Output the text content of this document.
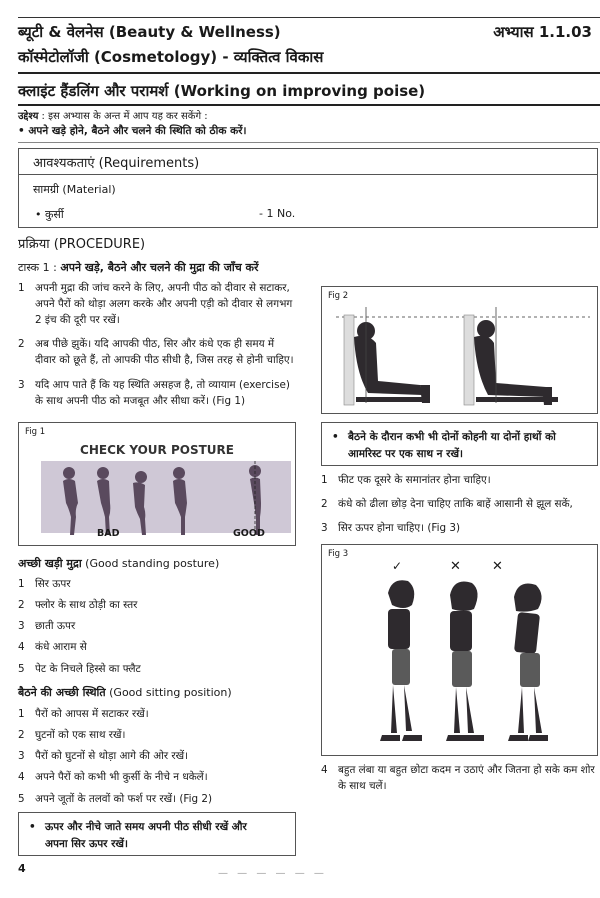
ब्यूटी & वेलनेस (Beauty & Wellness)	अभ्यास 1.1.03
कॉस्मेटोलॉजी (Cosmetology) - व्यक्तित्व विकास
क्लाइंट हैंडलिंग और परामर्श (Working on improving poise)
उद्देश्य : इस अभ्यास के अन्त में आप यह कर सकेंगे :
• अपने खड़े होने, बैठने और चलने की स्थिति को ठीक करें।
आवश्यकताएं (Requirements)
सामग्री (Material)
• कुर्सी	- 1 No.
प्रक्रिया (PROCEDURE)
टास्क 1 : अपने खड़े, बैठने और चलने की मुद्रा की जाँच करें
1 अपनी मुद्रा की जांच करने के लिए, अपनी पीठ को दीवार से सटाकर,
अपने पैरों को थोड़ा अलग करके और अपनी एड़ी को दीवार से लगभग
2 इंच की दूरी पर रखें।
2 अब पीछे झुकें। यदि आपकी पीठ, सिर और कंधे एक ही समय में
दीवार को छूते हैं, तो आपकी पीठ सीधी है, जिस तरह से होनी चाहिए।
3 यदि आप पाते हैं कि यह स्थिति असहज है, तो व्यायाम (exercise)
के साथ अपनी पीठ को मजबूत और सीधा करें। (Fig 1)
Fig 1
CHECK YOUR POSTURE
BAD	GOOD
अच्छी खड़ी मुद्रा (Good standing posture)
1 सिर ऊपर
2 फ्लोर के साथ ठोड़ी का स्तर
3 छाती ऊपर
4 कंधे आराम से
5 पेट के निचले हिस्से का फ्लैट
बैठने की अच्छी स्थिति (Good sitting position)
1 पैरों को आपस में सटाकर रखें।
2 घुटनों को एक साथ रखें।
3 पैरों को घुटनों से थोड़ा आगे की ओर रखें।
4 अपने पैरों को कभी भी कुर्सी के नीचे न धकेलें।
5 अपने जूतों के तलवों को फर्श पर रखें। (Fig 2)
• ऊपर और नीचे जाते समय अपनी पीठ सीधी रखें और
अपना सिर ऊपर रखें।
Fig 2
• बैठने के दौरान कभी भी दोनों कोहनी या दोनों हाथों को
आमरिस्ट पर एक साथ न रखें।
1 फीट एक दूसरे के समानांतर होना चाहिए।
2 कंधे को ढीला छोड़ देना चाहिए ताकि बाहें आसानी से झूल सकें,
3 सिर ऊपर होना चाहिए। (Fig 3)
Fig 3
✓	✕ ✕
4 बहुत लंबा या बहुत छोटा कदम न उठाएं और जितना हो सके कम शोर
के साथ चलें।
4	— — — — — —
